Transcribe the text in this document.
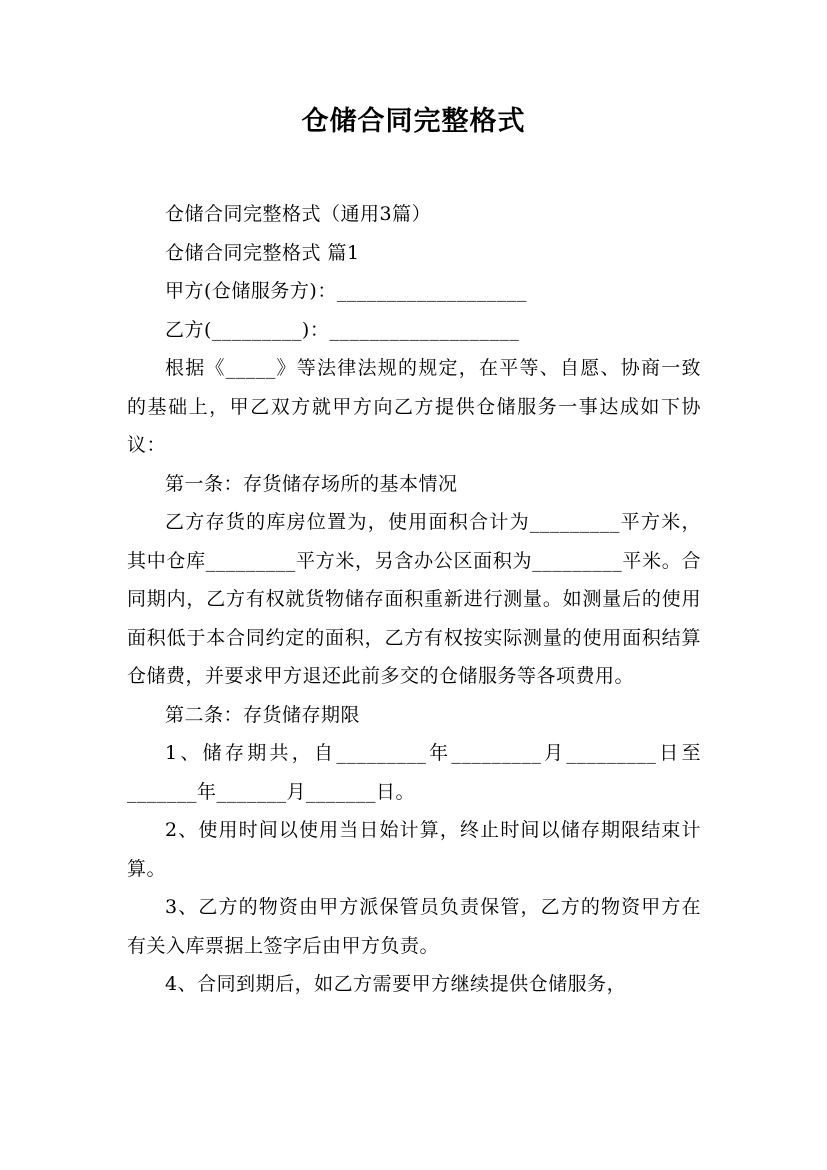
仓储合同完整格式

仓储合同完整格式（通用3篇）

仓储合同完整格式 篇1

甲方(仓储服务方)：___________________

乙方(_________)：___________________

根据《_____》等法律法规的规定，在平等、自愿、协商一致的基础上，甲乙双方就甲方向乙方提供仓储服务一事达成如下协议：

第一条：存货储存场所的基本情况

乙方存货的库房位置为，使用面积合计为_________平方米，其中仓库_________平方米，另含办公区面积为_________平米。合同期内，乙方有权就货物储存面积重新进行测量。如测量后的使用面积低于本合同约定的面积，乙方有权按实际测量的使用面积结算仓储费，并要求甲方退还此前多交的仓储服务等各项费用。

第二条：存货储存期限

1、储存期共，自_________年_________月_________日至_______年_______月_______日。

2、使用时间以使用当日始计算，终止时间以储存期限结束计算。

3、乙方的物资由甲方派保管员负责保管，乙方的物资甲方在有关入库票据上签字后由甲方负责。

4、合同到期后，如乙方需要甲方继续提供仓储服务，
